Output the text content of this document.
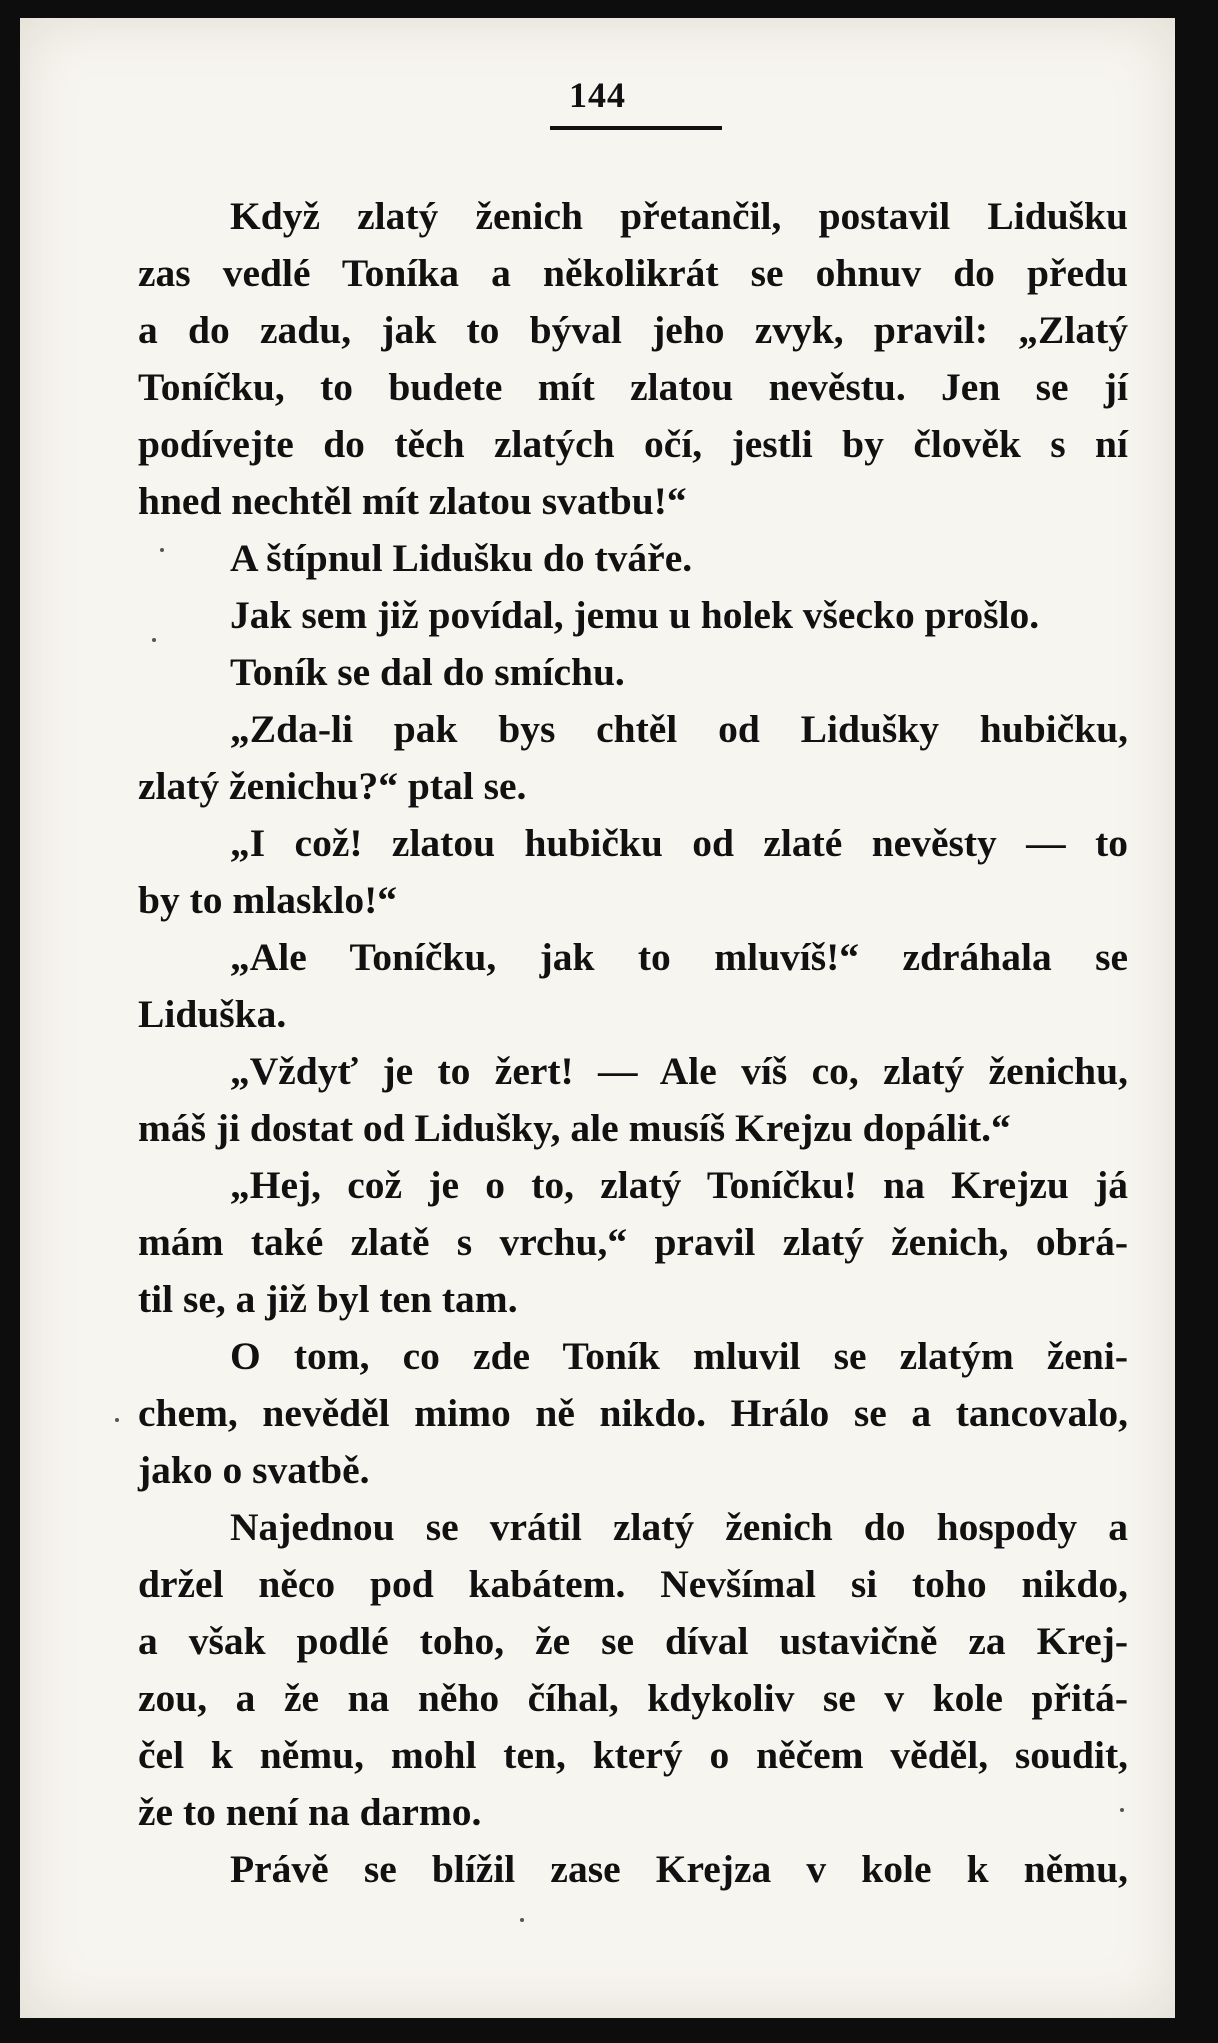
144

Když zlatý ženich přetančil, postavil Lidušku

zas vedlé Toníka a několikrát se ohnuv do předu

a do zadu, jak to býval jeho zvyk, pravil: „Zlatý

Toníčku, to budete mít zlatou nevěstu. Jen se jí

podívejte do těch zlatých očí, jestli by člověk s ní

hned nechtěl mít zlatou svatbu!“

A štípnul Lidušku do tváře.

Jak sem již povídal, jemu u holek všecko prošlo.

Toník se dal do smíchu.

„Zda-li pak bys chtěl od Lidušky hubičku,

zlatý ženichu?“ ptal se.

„I což! zlatou hubičku od zlaté nevěsty — to

by to mlasklo!“

„Ale Toníčku, jak to mluvíš!“ zdráhala se

Liduška.

„Vždyť je to žert! — Ale víš co, zlatý ženichu,

máš ji dostat od Lidušky, ale musíš Krejzu dopálit.“

„Hej, což je o to, zlatý Toníčku! na Krejzu já

mám také zlatě s vrchu,“ pravil zlatý ženich, obrá-

til se, a již byl ten tam.

O tom, co zde Toník mluvil se zlatým ženi-

chem, nevěděl mimo ně nikdo. Hrálo se a tancovalo,

jako o svatbě.

Najednou se vrátil zlatý ženich do hospody a

držel něco pod kabátem. Nevšímal si toho nikdo,

a však podlé toho, že se díval ustavičně za Krej-

zou, a že na něho číhal, kdykoliv se v kole přitá-

čel k němu, mohl ten, který o něčem věděl, soudit,

že to není na darmo.

Právě se blížil zase Krejza v kole k němu,
